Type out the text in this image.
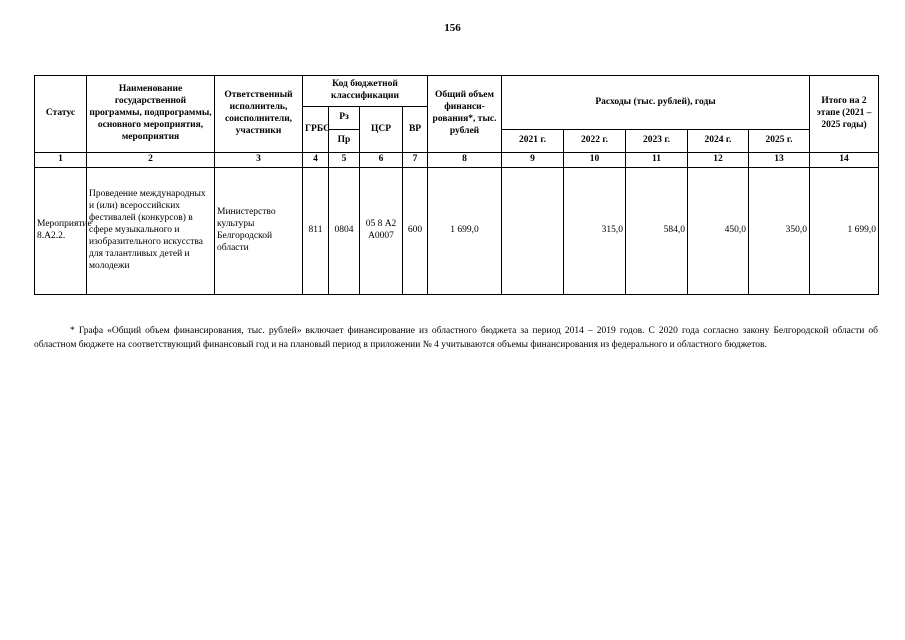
156
Статус	Наименование государственной программы, подпрограммы, основного мероприятия, мероприятия	Ответственный исполнитель, соисполнители, участники	Код бюджетной классификации				Общий объем финанси-рования*, тыс. рублей	Расходы (тыс. рублей), годы					Итого на 2 этапе (2021 – 2025 годы)
			ГРБС	Рз	ЦСР	ВР							
				Пр				2021 г.	2022 г.	2023 г.	2024 г.	2025 г.	
1	2	3	4	5	6	7	8	9	10	11	12	13	14
Мероприятие 8.А2.2.	Проведение международных и (или) всероссийских фестивалей (конкурсов) в сфере музыкального и изобразительного искусства для талантливых детей и молодежи	Министерство культуры Белгородской области	811	0804	05 8 А2 А0007	600	1 699,0		315,0	584,0	450,0	350,0	1 699,0
* Графа «Общий объем финансирования, тыс. рублей» включает финансирование из областного бюджета за период 2014 – 2019 годов. С 2020 года согласно закону Белгородской области об областном бюджете на соответствующий финансовый год и на плановый период в приложении № 4 учитываются объемы финансирования из федерального и областного бюджетов.
